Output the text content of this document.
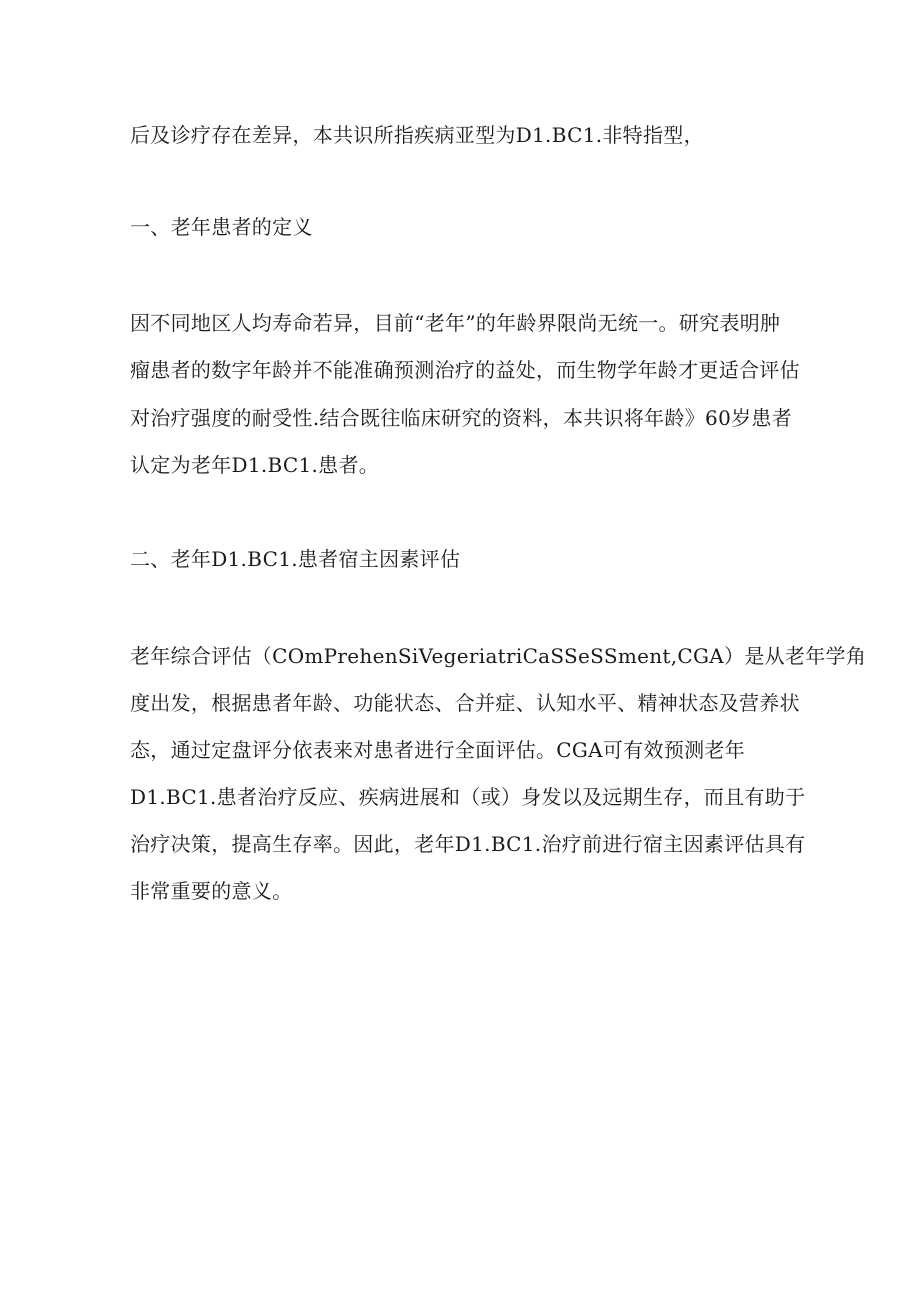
后及诊疗存在差异，本共识所指疾病亚型为D1.BC1.非特指型，
一、老年患者的定义
因不同地区人均寿命若异，目前“老年”的年龄界限尚无统一。研究表明肿
瘤患者的数字年龄并不能准确预测治疗的益处，而生物学年龄才更适合评估
对治疗强度的耐受性.结合既往临床研究的资料，本共识将年龄》60岁患者
认定为老年D1.BC1.患者。
二、老年D1.BC1.患者宿主因素评估
老年综合评估（COmPrehenSiVegeriatriCaSSeSSment,CGA）是从老年学角
度出发，根据患者年龄、功能状态、合并症、认知水平、精神状态及营养状
态，通过定盘评分依表来对患者进行全面评估。CGA可有效预测老年
D1.BC1.患者治疗反应、疾病进展和（或）身发以及远期生存，而且有助于
治疗决策，提高生存率。因此，老年D1.BC1.治疗前进行宿主因素评估具有
非常重要的意义。
